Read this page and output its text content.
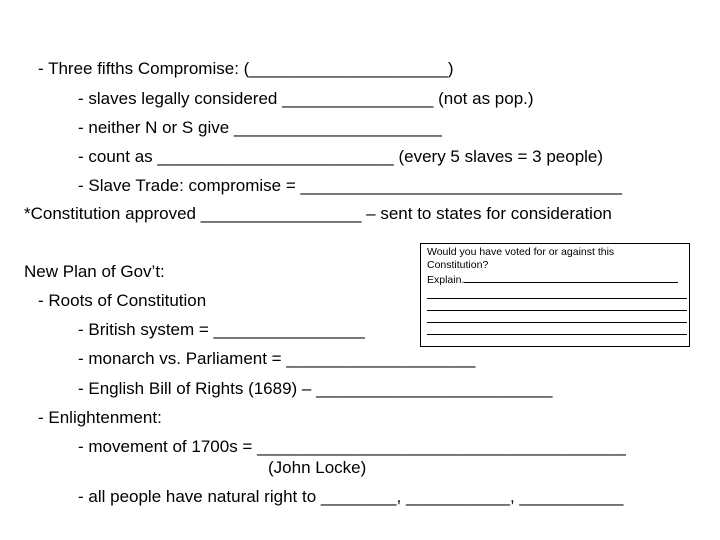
- Three fifths Compromise: (_____________________)
- slaves legally considered ________________ (not as pop.)
- neither N or S give ______________________
- count as _________________________ (every 5 slaves = 3 people)
- Slave Trade: compromise = __________________________________
*Constitution approved _________________ – sent to states for consideration
New Plan of Gov’t:
- Roots of Constitution
- British system = ________________
- monarch vs. Parliament = ____________________
- English Bill of Rights (1689) – _________________________
- Enlightenment:
- movement of 1700s = _______________________________________
(John Locke)
- all people have natural right to ________, ___________, ___________
Would you have voted for or against this Constitution?
Explain.
